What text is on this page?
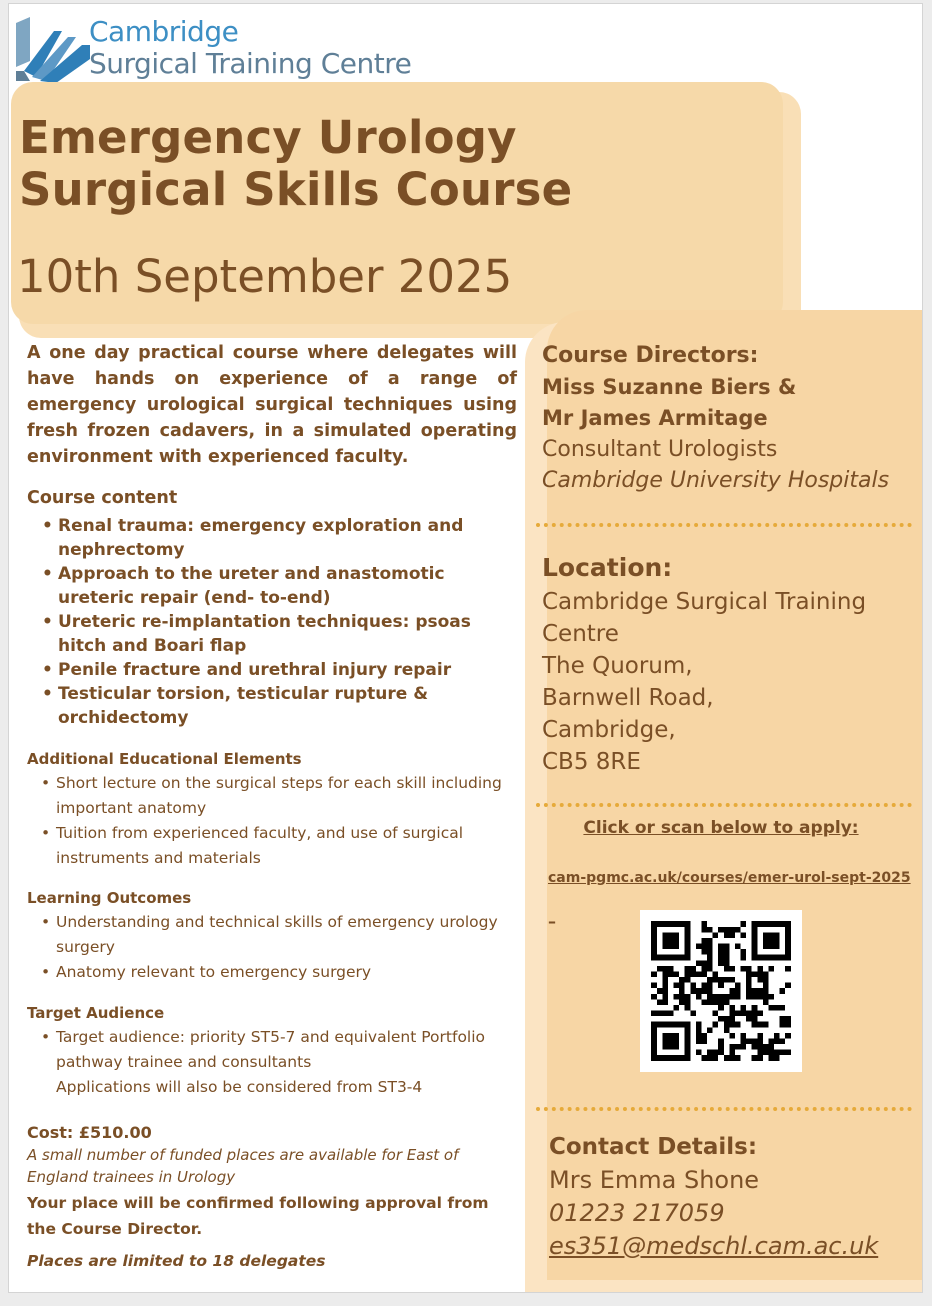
Cambridge
Surgical Training Centre
Emergency Urology
Surgical Skills Course
10th September 2025

A one day practical course where delegates will have hands on experience of a range of emergency urological surgical techniques using fresh frozen cadavers, in a simulated operating environment with experienced faculty.

Course content
• Renal trauma: emergency exploration and nephrectomy
• Approach to the ureter and anastomotic ureteric repair (end- to-end)
• Ureteric re-implantation techniques: psoas hitch and Boari flap
• Penile fracture and urethral injury repair
• Testicular torsion, testicular rupture & orchidectomy
Additional Educational Elements
• Short lecture on the surgical steps for each skill including important anatomy
• Tuition from experienced faculty, and use of surgical instruments and materials
Learning Outcomes
• Understanding and technical skills of emergency urology surgery
• Anatomy relevant to emergency surgery
Target Audience
• Target audience: priority ST5-7 and equivalent Portfolio pathway trainee and consultants
Applications will also be considered from ST3-4
Cost: £510.00
A small number of funded places are available for East of England trainees in Urology
Your place will be confirmed following approval from the Course Director.
Places are limited to 18 delegates
Course Directors:
Miss Suzanne Biers &
Mr James Armitage
Consultant Urologists
Cambridge University Hospitals
Location:
Cambridge Surgical Training
Centre
The Quorum,
Barnwell Road,
Cambridge,
CB5 8RE
Click or scan below to apply:
cam-pgmc.ac.uk/courses/emer-urol-sept-2025
–
Contact Details:
Mrs Emma Shone
01223 217059
es351@medschl.cam.ac.uk
